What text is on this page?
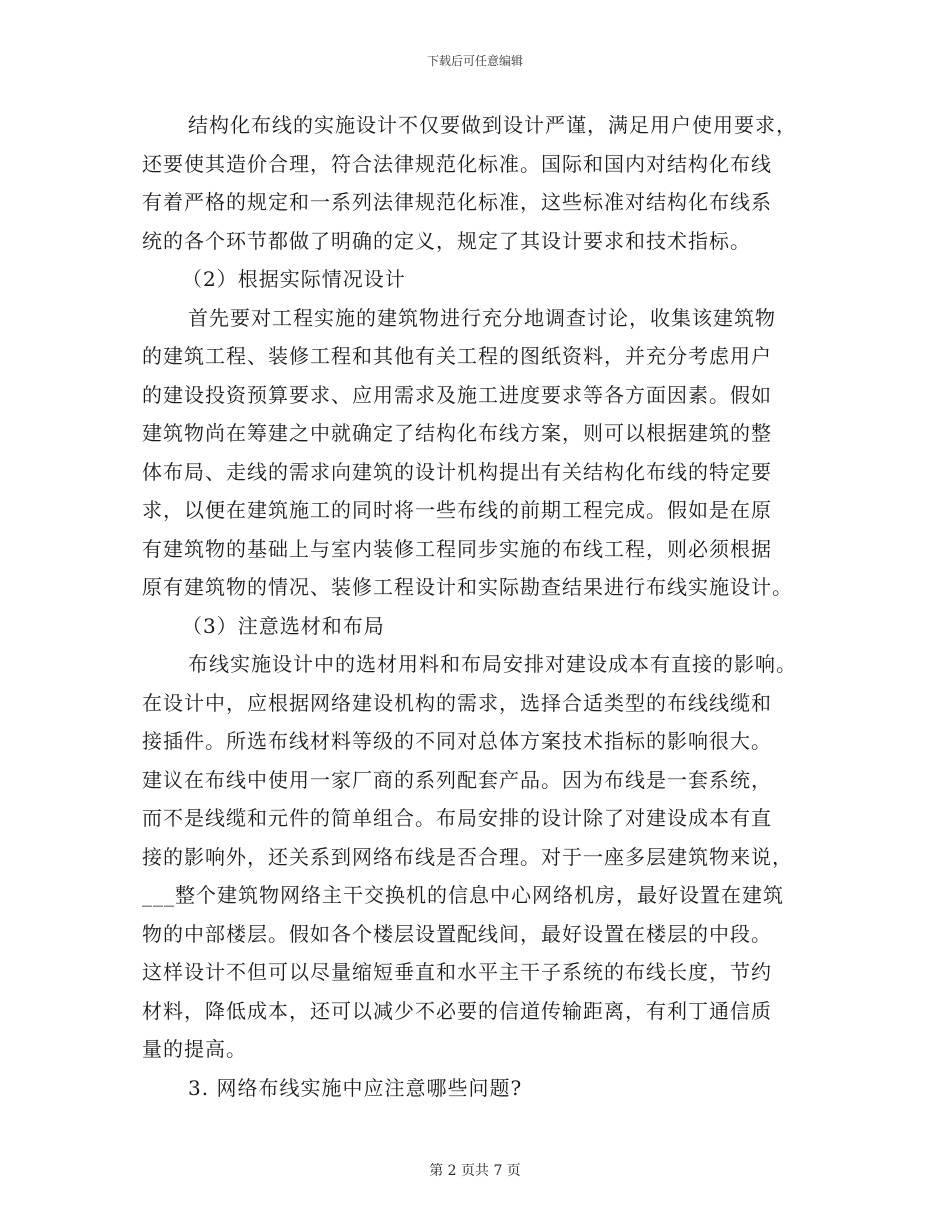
下载后可任意编辑
结构化布线的实施设计不仅要做到设计严谨，满足用户使用要求，
还要使其造价合理，符合法律规范化标准。国际和国内对结构化布线
有着严格的规定和一系列法律规范化标准，这些标准对结构化布线系
统的各个环节都做了明确的定义，规定了其设计要求和技术指标。
（2）根据实际情况设计
首先要对工程实施的建筑物进行充分地调查讨论，收集该建筑物
的建筑工程、装修工程和其他有关工程的图纸资料，并充分考虑用户
的建设投资预算要求、应用需求及施工进度要求等各方面因素。假如
建筑物尚在筹建之中就确定了结构化布线方案，则可以根据建筑的整
体布局、走线的需求向建筑的设计机构提出有关结构化布线的特定要
求，以便在建筑施工的同时将一些布线的前期工程完成。假如是在原
有建筑物的基础上与室内装修工程同步实施的布线工程，则必须根据
原有建筑物的情况、装修工程设计和实际勘查结果进行布线实施设计。
（3）注意选材和布局
布线实施设计中的选材用料和布局安排对建设成本有直接的影响。
在设计中，应根据网络建设机构的需求，选择合适类型的布线线缆和
接插件。所选布线材料等级的不同对总体方案技术指标的影响很大。
建议在布线中使用一家厂商的系列配套产品。因为布线是一套系统，
而不是线缆和元件的简单组合。布局安排的设计除了对建设成本有直
接的影响外，还关系到网络布线是否合理。对于一座多层建筑物来说，
___整个建筑物网络主干交换机的信息中心网络机房，最好设置在建筑
物的中部楼层。假如各个楼层设置配线间，最好设置在楼层的中段。
这样设计不但可以尽量缩短垂直和水平主干子系统的布线长度，节约
材料，降低成本，还可以减少不必要的信道传输距离，有利丁通信质
量的提高。
3. 网络布线实施中应注意哪些问题?
第 2 页共 7 页
